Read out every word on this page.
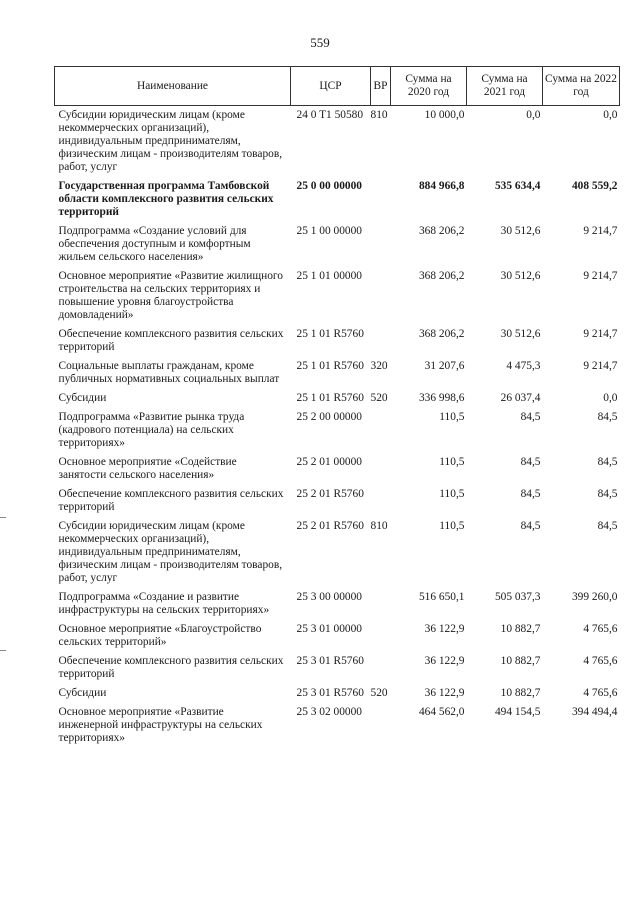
559
Наименование	ЦСР	ВР	Сумма на 2020 год	Сумма на 2021 год	Сумма на 2022 год
Субсидии юридическим лицам (кроме некоммерческих организаций), индивидуальным предпринимателям, физическим лицам - производителям товаров, работ, услуг	24 0 T1 50580	810	10 000,0	0,0	0,0
Государственная программа Тамбовской области комплексного развития сельских территорий	25 0 00 00000		884 966,8	535 634,4	408 559,2
Подпрограмма «Создание условий для обеспечения доступным и комфортным жильем сельского населения»	25 1 00 00000		368 206,2	30 512,6	9 214,7
Основное мероприятие «Развитие жилищного строительства на сельских территориях и повышение уровня благоустройства домовладений»	25 1 01 00000		368 206,2	30 512,6	9 214,7
Обеспечение комплексного развития сельских территорий	25 1 01 R5760		368 206,2	30 512,6	9 214,7
Социальные выплаты гражданам, кроме публичных нормативных социальных выплат	25 1 01 R5760	320	31 207,6	4 475,3	9 214,7
Субсидии	25 1 01 R5760	520	336 998,6	26 037,4	0,0
Подпрограмма «Развитие рынка труда (кадрового потенциала) на сельских территориях»	25 2 00 00000		110,5	84,5	84,5
Основное мероприятие «Содействие занятости сельского населения»	25 2 01 00000		110,5	84,5	84,5
Обеспечение комплексного развития сельских территорий	25 2 01 R5760		110,5	84,5	84,5
Субсидии юридическим лицам (кроме некоммерческих организаций), индивидуальным предпринимателям, физическим лицам - производителям товаров, работ, услуг	25 2 01 R5760	810	110,5	84,5	84,5
Подпрограмма «Создание и развитие инфраструктуры на сельских территориях»	25 3 00 00000		516 650,1	505 037,3	399 260,0
Основное мероприятие «Благоустройство сельских территорий»	25 3 01 00000		36 122,9	10 882,7	4 765,6
Обеспечение комплексного развития сельских территорий	25 3 01 R5760		36 122,9	10 882,7	4 765,6
Субсидии	25 3 01 R5760	520	36 122,9	10 882,7	4 765,6
Основное мероприятие «Развитие инженерной инфраструктуры на сельских территориях»	25 3 02 00000		464 562,0	494 154,5	394 494,4
